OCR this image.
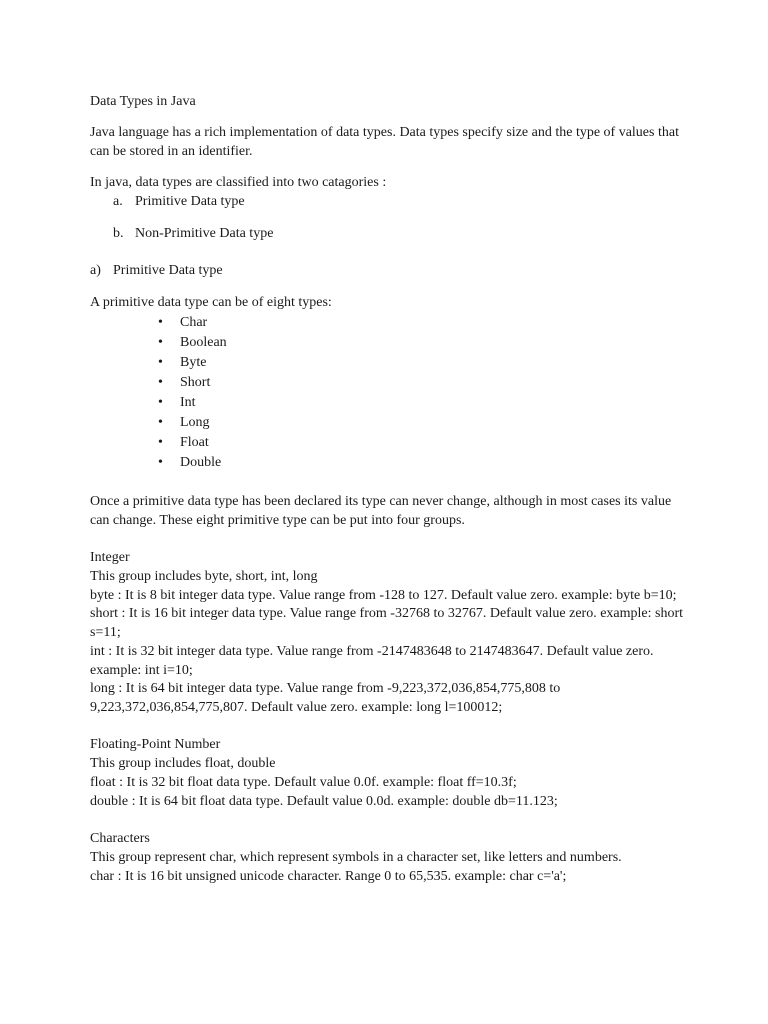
Data Types in Java
Java language has a rich implementation of data types. Data types specify size and the type of values that
can be stored in an identifier.
In java, data types are classified into two catagories :
a. Primitive Data type
b. Non-Primitive Data type
a) Primitive Data type
A primitive data type can be of eight types:
• Char
• Boolean
• Byte
• Short
• Int
• Long
• Float
• Double
Once a primitive data type has been declared its type can never change, although in most cases its value
can change. These eight primitive type can be put into four groups.
Integer
This group includes byte, short, int, long
byte : It is 8 bit integer data type. Value range from -128 to 127. Default value zero. example: byte b=10;
short : It is 16 bit integer data type. Value range from -32768 to 32767. Default value zero. example: short
s=11;
int : It is 32 bit integer data type. Value range from -2147483648 to 2147483647. Default value zero.
example: int i=10;
long : It is 64 bit integer data type. Value range from -9,223,372,036,854,775,808 to
9,223,372,036,854,775,807. Default value zero. example: long l=100012;
Floating-Point Number
This group includes float, double
float : It is 32 bit float data type. Default value 0.0f. example: float ff=10.3f;
double : It is 64 bit float data type. Default value 0.0d. example: double db=11.123;
Characters
This group represent char, which represent symbols in a character set, like letters and numbers.
char : It is 16 bit unsigned unicode character. Range 0 to 65,535. example: char c='a';
